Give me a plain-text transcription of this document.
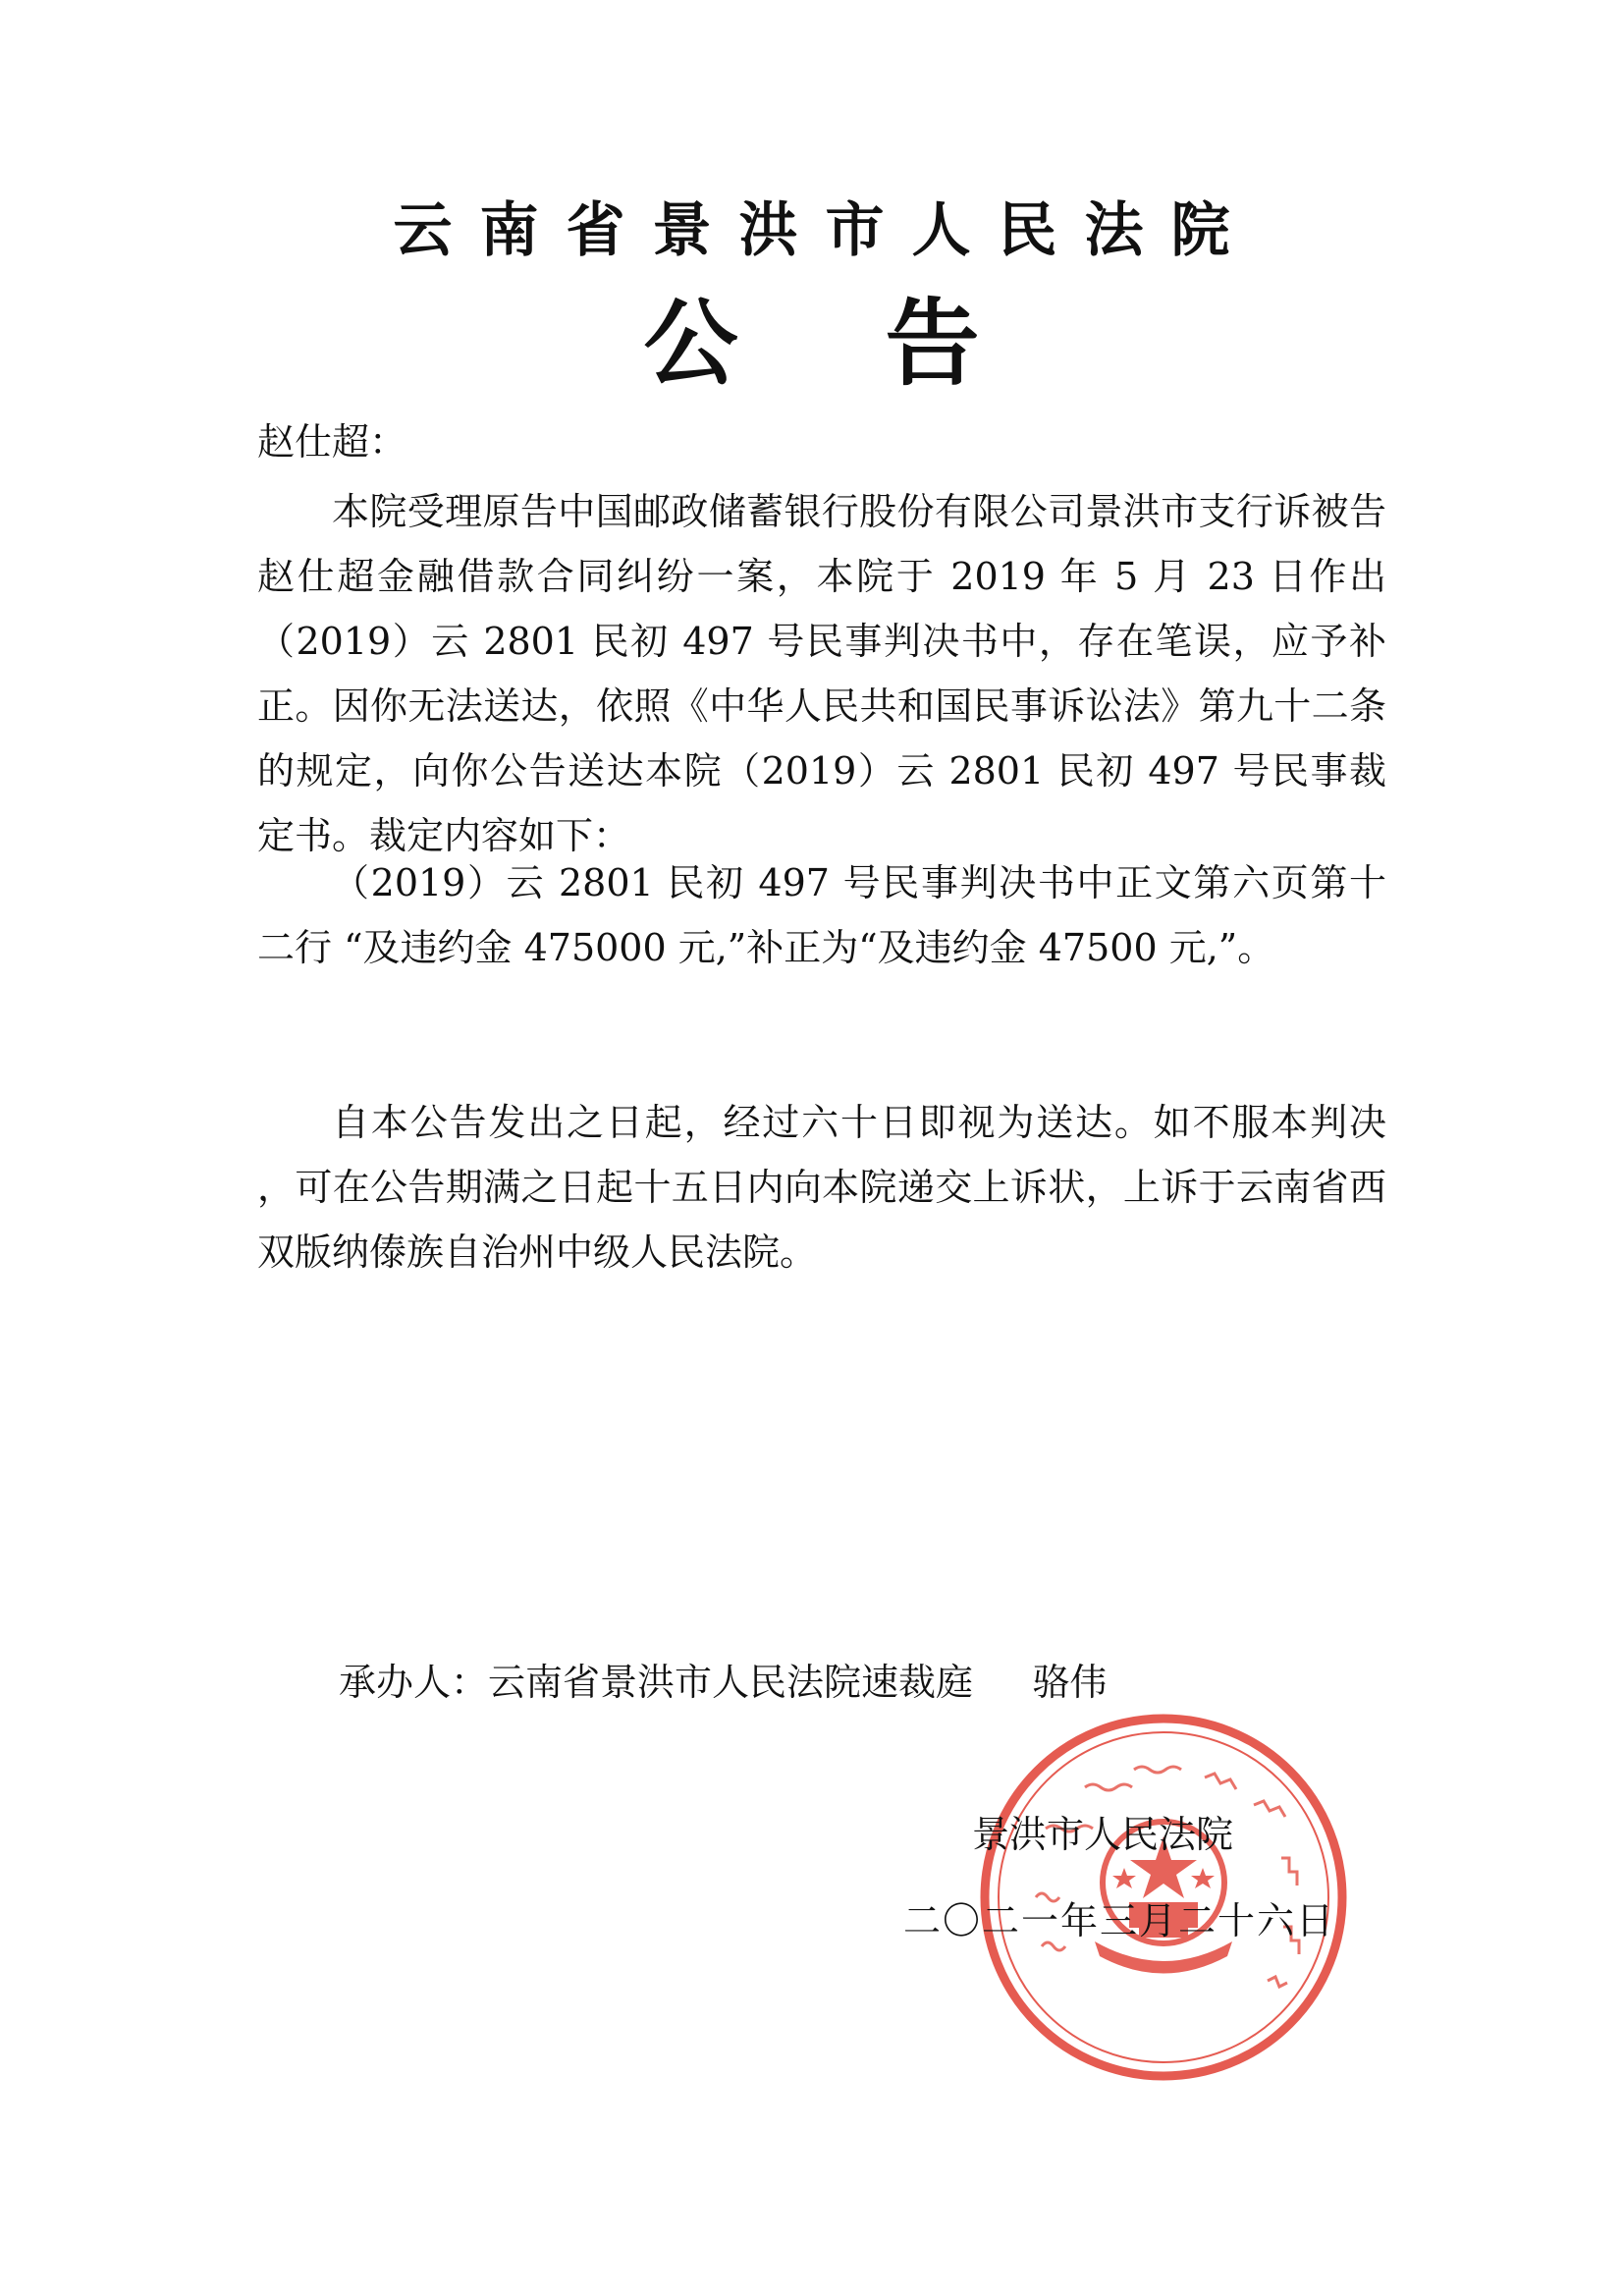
云南省景洪市人民法院
公告

赵仕超：

本院受理原告中国邮政储蓄银行股份有限公司景洪市支行诉被告赵仕超金融借款合同纠纷一案，本院于 2019 年 5 月 23 日作出（2019）云 2801 民初 497 号民事判决书中，存在笔误，应予补正。因你无法送达，依照《中华人民共和国民事诉讼法》第九十二条的规定，向你公告送达本院（2019）云 2801 民初 497 号民事裁定书。裁定内容如下：

（2019）云 2801 民初 497 号民事判决书中正文第六页第十二行 “及违约金 475000 元,”补正为“及违约金 47500 元,”。

自本公告发出之日起，经过六十日即视为送达。如不服本判决 ，可在公告期满之日起十五日内向本院递交上诉状，上诉于云南省西双版纳傣族自治州中级人民法院。

承办人：云南省景洪市人民法院速裁庭     骆伟

景洪市人民法院

二〇二一年三月二十六日
